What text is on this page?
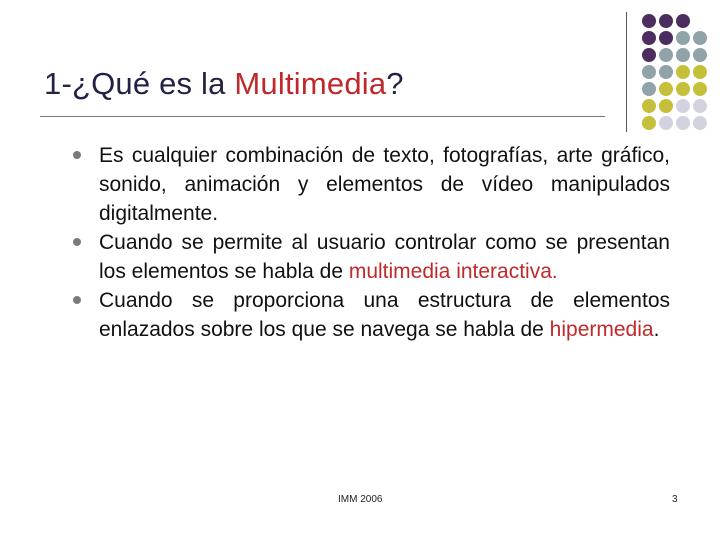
1-¿Qué es la Multimedia?
Es cualquier combinación de texto, fotografías, arte gráfico, sonido, animación y elementos de vídeo manipulados digitalmente.
Cuando se permite al usuario controlar como se presentan los elementos se habla de multimedia interactiva.
Cuando se proporciona una estructura de elementos enlazados sobre los que se navega se habla de hipermedia.
IMM 2006	3
